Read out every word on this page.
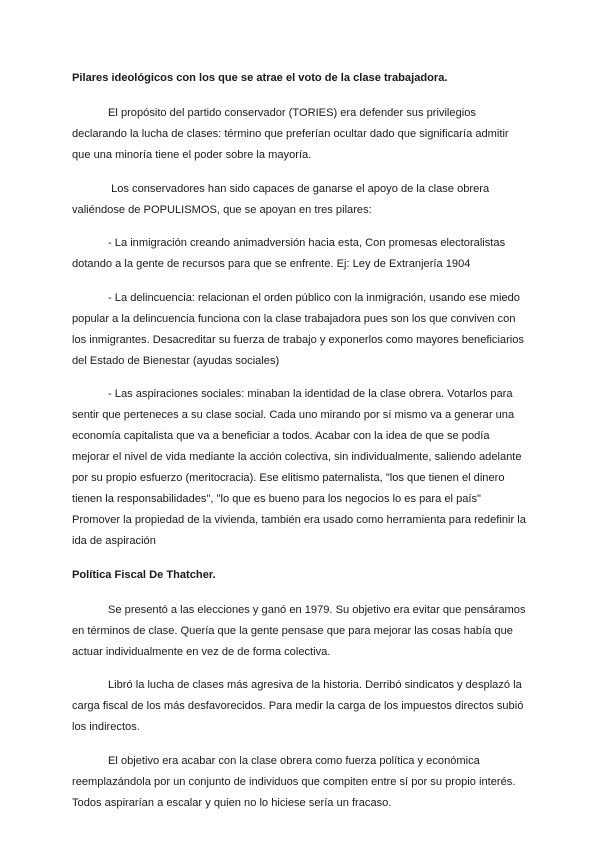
Pilares ideológicos con los que se atrae el voto de la clase trabajadora.
El propósito del partido conservador (TORIES) era defender sus privilegios
declarando la lucha de clases: término que preferían ocultar dado que significaría admitir
que una minoría tiene el poder sobre la mayoría.
Los conservadores han sido capaces de ganarse el apoyo de la clase obrera
valiéndose de POPULISMOS, que se apoyan en tres pilares:
- La inmigración creando animadversión hacia esta, Con promesas electoralistas
dotando a la gente de recursos para que se enfrente. Ej: Ley de Extranjería 1904
- La delincuencia: relacionan el orden público con la inmigración, usando ese miedo
popular a la delincuencia funciona con la clase trabajadora pues son los que conviven con
los inmigrantes. Desacreditar su fuerza de trabajo y exponerlos como mayores beneficiarios
del Estado de Bienestar (ayudas sociales)
- Las aspiraciones sociales: minaban la identidad de la clase obrera. Votarlos para
sentir que perteneces a su clase social. Cada uno mirando por sí mismo va a generar una
economía capitalista que va a beneficiar a todos. Acabar con la idea de que se podía
mejorar el nivel de vida mediante la acción colectiva, sin individualmente, saliendo adelante
por su propio esfuerzo (meritocracia). Ese elitismo paternalista, "los que tienen el dinero
tienen la responsabilidades", "lo que es bueno para los negocios lo es para el país"
Promover la propiedad de la vivienda, también era usado como herramienta para redefinir la
ida de aspiración
Política Fiscal De Thatcher.
Se presentó a las elecciones y ganó en 1979. Su objetivo era evitar que pensáramos
en términos de clase. Quería que la gente pensase que para mejorar las cosas había que
actuar individualmente en vez de de forma colectiva.
Libró la lucha de clases más agresiva de la historia. Derribó sindicatos y desplazó la
carga fiscal de los más desfavorecidos. Para medir la carga de los impuestos directos subió
los indirectos.
El objetivo era acabar con la clase obrera como fuerza política y económica
reemplazándola por un conjunto de individuos que compiten entre sí por su propio interés.
Todos aspirarían a escalar y quien no lo hiciese sería un fracaso.
